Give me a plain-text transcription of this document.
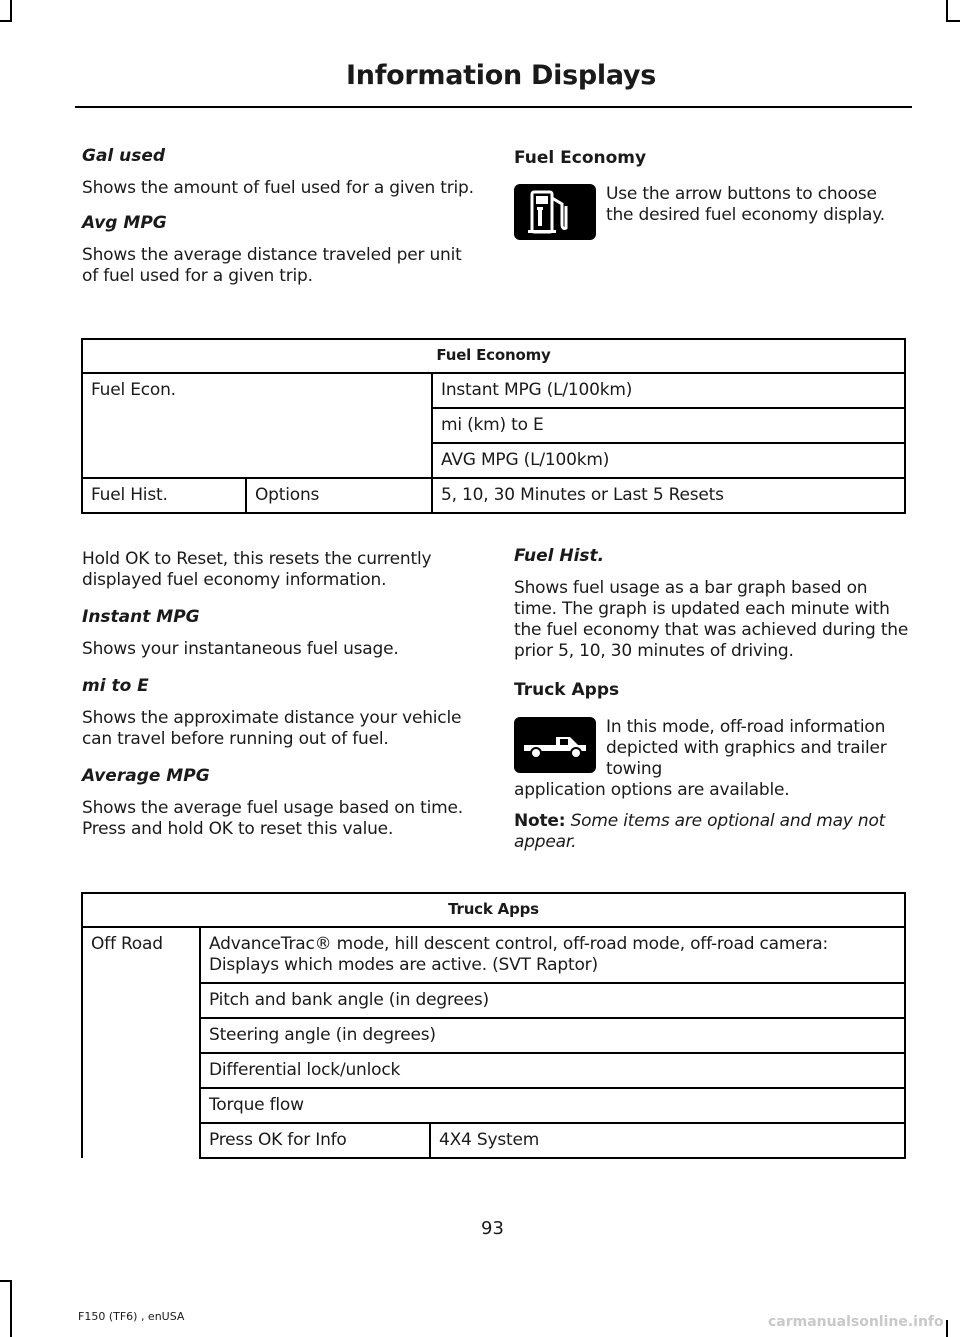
Information Displays
Gal used
Shows the amount of fuel used for a given trip.
Avg MPG
Shows the average distance traveled per unit of fuel used for a given trip.
Fuel Economy
Use the arrow buttons to choose the desired fuel economy display.
Fuel Economy		
Fuel Econ.		Instant MPG (L/100km)
		mi (km) to E
		AVG MPG (L/100km)
Fuel Hist.	Options	5, 10, 30 Minutes or Last 5 Resets
Hold OK to Reset, this resets the currently displayed fuel economy information.
Instant MPG
Shows your instantaneous fuel usage.
mi to E
Shows the approximate distance your vehicle can travel before running out of fuel.
Average MPG
Shows the average fuel usage based on time. Press and hold OK to reset this value.
Fuel Hist.
Shows fuel usage as a bar graph based on time. The graph is updated each minute with the fuel economy that was achieved during the prior 5, 10, 30 minutes of driving.
Truck Apps
In this mode, off-road information depicted with graphics and trailer towing
application options are available.
Note: Some items are optional and may not appear.
Truck Apps		
Off Road	AdvanceTrac® mode, hill descent control, off-road mode, off-road camera: Displays which modes are active. (SVT Raptor)	
	Pitch and bank angle (in degrees)	
	Steering angle (in degrees)	
	Differential lock/unlock	
	Torque flow	
	Press OK for Info	4X4 System
93
F150 (TF6) , enUSA	carmanualsonline.info
